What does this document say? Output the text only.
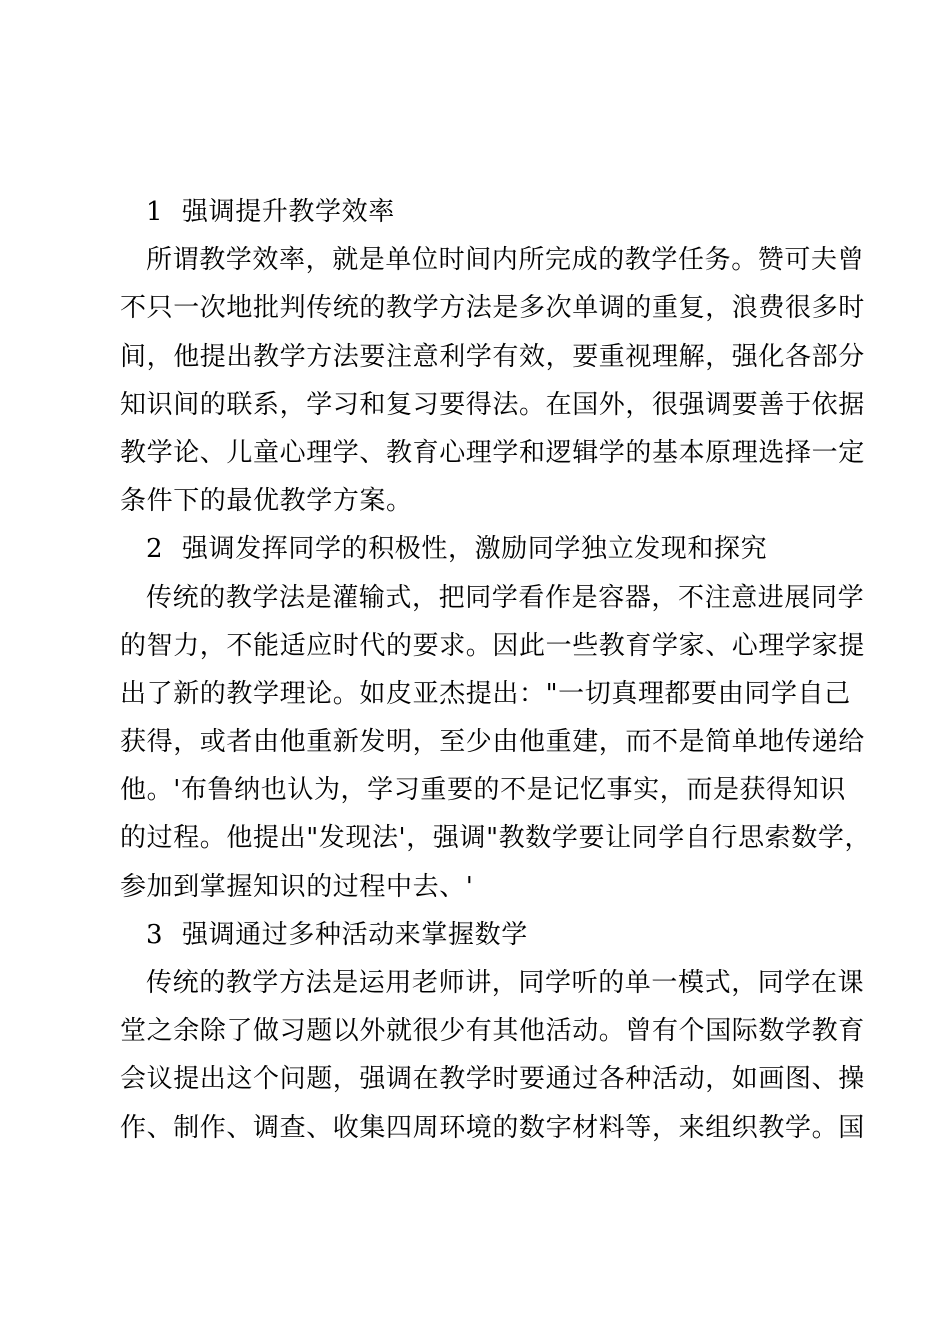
1 强调提升教学效率
所谓教学效率，就是单位时间内所完成的教学任务。赞可夫曾
不只一次地批判传统的教学方法是多次单调的重复，浪费很多时
间，他提出教学方法要注意利学有效，要重视理解，强化各部分
知识间的联系，学习和复习要得法。在国外，很强调要善于依据
教学论、儿童心理学、教育心理学和逻辑学的基本原理选择一定
条件下的最优教学方案。
2 强调发挥同学的积极性，激励同学独立发现和探究
传统的教学法是灌输式，把同学看作是容器，不注意进展同学
的智力，不能适应时代的要求。因此一些教育学家、心理学家提
出了新的教学理论。如皮亚杰提出："一切真理都要由同学自己
获得，或者由他重新发明，至少由他重建，而不是简单地传递给
他。'布鲁纳也认为，学习重要的不是记忆事实，而是获得知识
的过程。他提出"发现法'，强调"教数学要让同学自行思索数学，
参加到掌握知识的过程中去、'
3 强调通过多种活动来掌握数学
传统的教学方法是运用老师讲，同学听的单一模式，同学在课
堂之余除了做习题以外就很少有其他活动。曾有个国际数学教育
会议提出这个问题，强调在教学时要通过各种活动，如画图、操
作、制作、调查、收集四周环境的数字材料等，来组织教学。国
